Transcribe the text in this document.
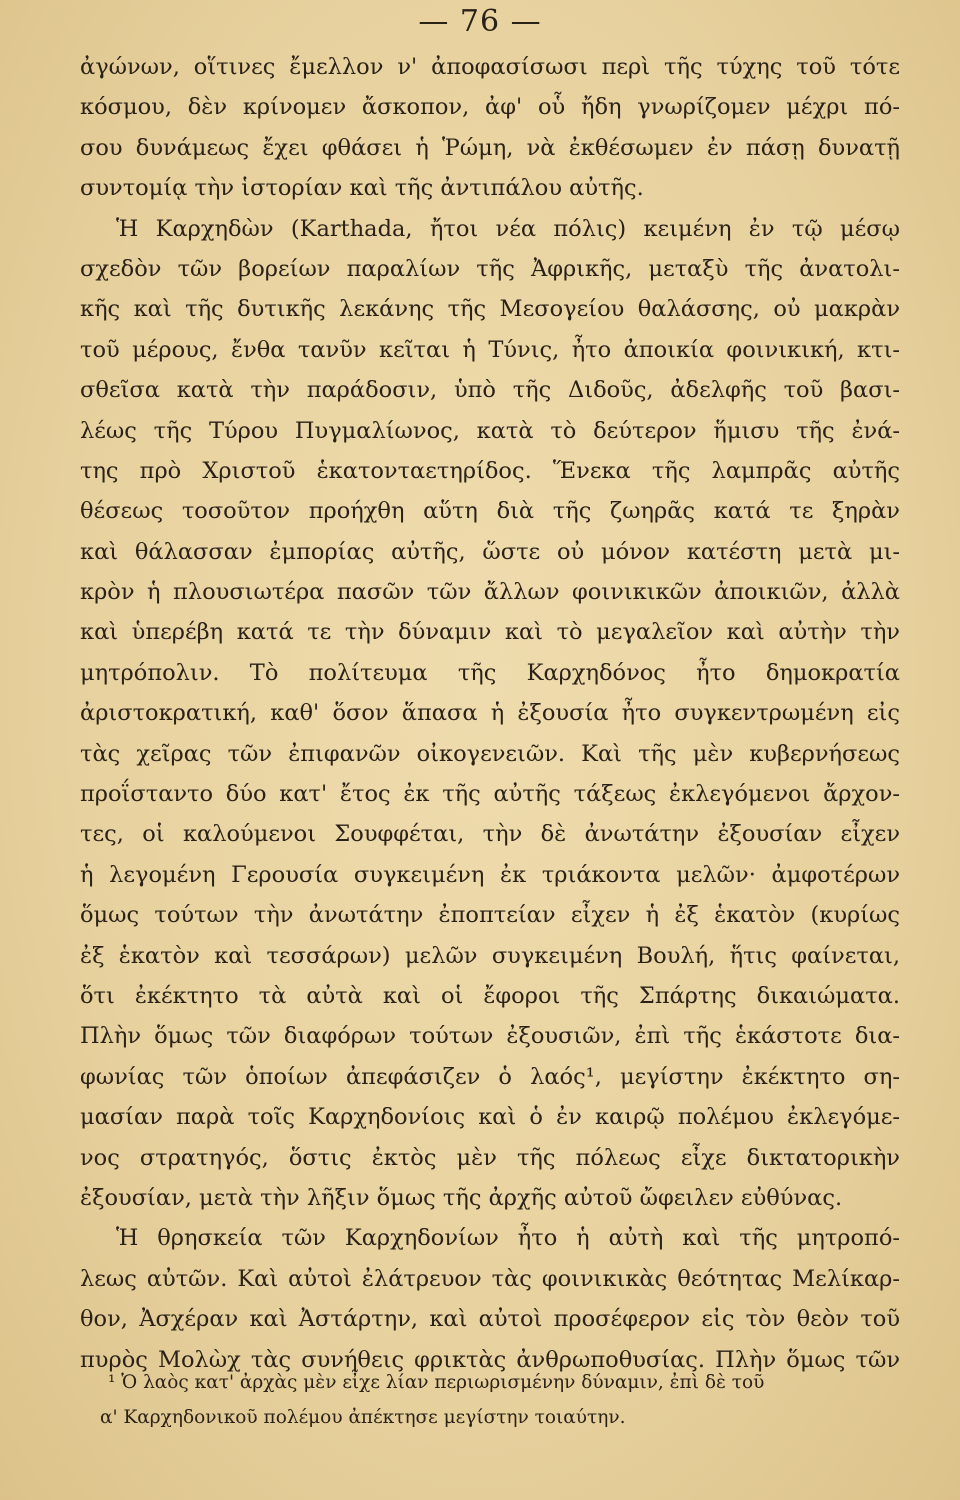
— 76 —
ἀγώνων, οἵτινες ἔμελλον ν' ἀποφασίσωσι περὶ τῆς τύχης τοῦ τότε
κόσμου, δὲν κρίνομεν ἄσκοπον, ἀφ' οὗ ἤδη γνωρίζομεν μέχρι πό-
σου δυνάμεως ἔχει φθάσει ἡ Ῥώμη, νὰ ἐκθέσωμεν ἐν πάσῃ δυνατῇ
συντομίᾳ τὴν ἱστορίαν καὶ τῆς ἀντιπάλου αὐτῆς.
Ἡ Καρχηδὼν (Karthada, ἤτοι νέα πόλις) κειμένη ἐν τῷ μέσῳ
σχεδὸν τῶν βορείων παραλίων τῆς Ἀφρικῆς, μεταξὺ τῆς ἀνατολι-
κῆς καὶ τῆς δυτικῆς λεκάνης τῆς Μεσογείου θαλάσσης, οὐ μακρὰν
τοῦ μέρους, ἔνθα τανῦν κεῖται ἡ Τύνις, ἦτο ἀποικία φοινικική, κτι-
σθεῖσα κατὰ τὴν παράδοσιν, ὑπὸ τῆς Διδοῦς, ἀδελφῆς τοῦ βασι-
λέως τῆς Τύρου Πυγμαλίωνος, κατὰ τὸ δεύτερον ἥμισυ τῆς ἐνά-
της πρὸ Χριστοῦ ἑκατονταετηρίδος. Ἕνεκα τῆς λαμπρᾶς αὐτῆς
θέσεως τοσοῦτον προήχθη αὕτη διὰ τῆς ζωηρᾶς κατά τε ξηρὰν
καὶ θάλασσαν ἐμπορίας αὐτῆς, ὥστε οὐ μόνον κατέστη μετὰ μι-
κρὸν ἡ πλουσιωτέρα πασῶν τῶν ἄλλων φοινικικῶν ἀποικιῶν, ἀλλὰ
καὶ ὑπερέβη κατά τε τὴν δύναμιν καὶ τὸ μεγαλεῖον καὶ αὐτὴν τὴν
μητρόπολιν. Τὸ πολίτευμα τῆς Καρχηδόνος ἦτο δημοκρατία
ἀριστοκρατική, καθ' ὅσον ἅπασα ἡ ἐξουσία ἦτο συγκεντρωμένη εἰς
τὰς χεῖρας τῶν ἐπιφανῶν οἰκογενειῶν. Καὶ τῆς μὲν κυβερνήσεως
προΐσταντο δύο κατ' ἔτος ἐκ τῆς αὐτῆς τάξεως ἐκλεγόμενοι ἄρχον-
τες, οἱ καλούμενοι Σουφφέται, τὴν δὲ ἀνωτάτην ἐξουσίαν εἶχεν
ἡ λεγομένη Γερουσία συγκειμένη ἐκ τριάκοντα μελῶν· ἀμφοτέρων
ὅμως τούτων τὴν ἀνωτάτην ἐποπτείαν εἶχεν ἡ ἐξ ἑκατὸν (κυρίως
ἐξ ἑκατὸν καὶ τεσσάρων) μελῶν συγκειμένη Βουλή, ἥτις φαίνεται,
ὅτι ἐκέκτητο τὰ αὐτὰ καὶ οἱ ἔφοροι τῆς Σπάρτης δικαιώματα.
Πλὴν ὅμως τῶν διαφόρων τούτων ἐξουσιῶν, ἐπὶ τῆς ἑκάστοτε δια-
φωνίας τῶν ὁποίων ἀπεφάσιζεν ὁ λαός¹, μεγίστην ἐκέκτητο ση-
μασίαν παρὰ τοῖς Καρχηδονίοις καὶ ὁ ἐν καιρῷ πολέμου ἐκλεγόμε-
νος στρατηγός, ὅστις ἐκτὸς μὲν τῆς πόλεως εἶχε δικτατορικὴν
ἐξουσίαν, μετὰ τὴν λῆξιν ὅμως τῆς ἀρχῆς αὐτοῦ ὤφειλεν εὐθύνας.
Ἡ θρησκεία τῶν Καρχηδονίων ἦτο ἡ αὐτὴ καὶ τῆς μητροπό-
λεως αὐτῶν. Καὶ αὐτοὶ ἐλάτρευον τὰς φοινικικὰς θεότητας Μελίκαρ-
θον, Ἀσχέραν καὶ Ἀστάρτην, καὶ αὐτοὶ προσέφερον εἰς τὸν θεὸν τοῦ
πυρὸς Μολὼχ τὰς συνήθεις φρικτὰς ἀνθρωποθυσίας. Πλὴν ὅμως τῶν
¹ Ὁ λαὸς κατ' ἀρχὰς μὲν εἶχε λίαν περιωρισμένην δύναμιν, ἐπὶ δὲ τοῦ
α' Καρχηδονικοῦ πολέμου ἀπέκτησε μεγίστην τοιαύτην.
